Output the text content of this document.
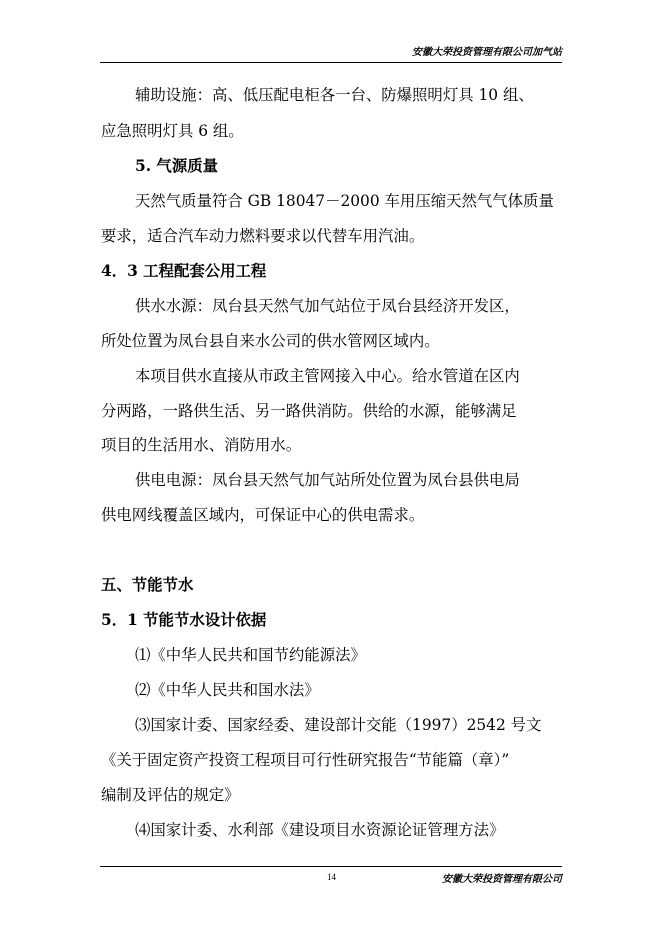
安徽大荣投资管理有限公司加气站
辅助设施：高、低压配电柜各一台、防爆照明灯具 10 组、
应急照明灯具 6 组。
5. 气源质量
天然气质量符合 GB 18047－2000 车用压缩天然气气体质量
要求，适合汽车动力燃料要求以代替车用汽油。
4．3 工程配套公用工程
供水水源：凤台县天然气加气站位于凤台县经济开发区，
所处位置为凤台县自来水公司的供水管网区域内。
本项目供水直接从市政主管网接入中心。给水管道在区内
分两路，一路供生活、另一路供消防。供给的水源，能够满足
项目的生活用水、消防用水。
供电电源：凤台县天然气加气站所处位置为凤台县供电局
供电网线覆盖区域内，可保证中心的供电需求。
五、节能节水
5．1 节能节水设计依据
⑴《中华人民共和国节约能源法》
⑵《中华人民共和国水法》
⑶国家计委、国家经委、建设部计交能（1997）2542 号文
《关于固定资产投资工程项目可行性研究报告“节能篇（章）”
编制及评估的规定》
⑷国家计委、水利部《建设项目水资源论证管理方法》
14	安徽大荣投资管理有限公司
